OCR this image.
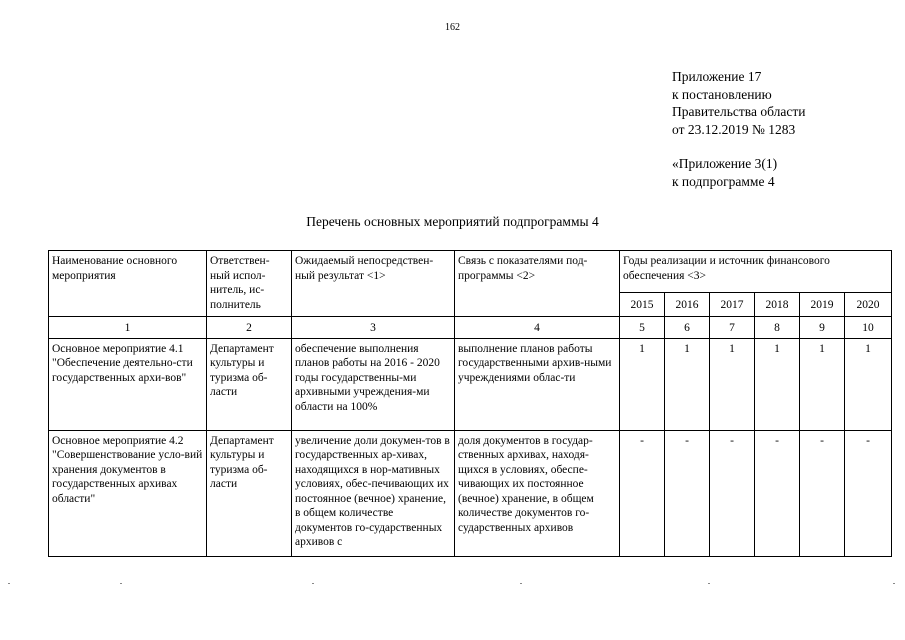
162
Приложение 17
к постановлению
Правительства области
от 23.12.2019 № 1283
«Приложение 3(1)
к подпрограмме 4
Перечень основных мероприятий подпрограммы 4
Наименование основного мероприятия	Ответствен-ный испол-нитель, ис-полнитель	Ожидаемый непосредствен-ный результат <1>	Связь с показателями под-программы <2>	Годы реализации и источник финансового обеспечения <3>					
				2015	2016	2017	2018	2019	2020
1	2	3	4	5	6	7	8	9	10
Основное мероприятие 4.1 "Обеспечение деятельно-сти государственных архи-вов"	Департамент культуры и туризма об-ласти	обеспечение выполнения планов работы на 2016 - 2020 годы государственны-ми архивными учреждения-ми области на 100%	выполнение планов работы государственными архив-ными учреждениями облас-ти	1	1	1	1	1	1
Основное мероприятие 4.2 "Совершенствование усло-вий хранения документов в государственных архивах области"	Департамент культуры и туризма об-ласти	увеличение доли докумен-тов в государственных ар-хивах, находящихся в нор-мативных условиях, обес-печивающих их постоянное (вечное) хранение, в общем количестве документов го-сударственных архивов с	доля документов в государ-ственных архивах, находя-щихся в условиях, обеспе-чивающих их постоянное (вечное) хранение, в общем количестве документов го-сударственных архивов	-	-	-	-	-	-
